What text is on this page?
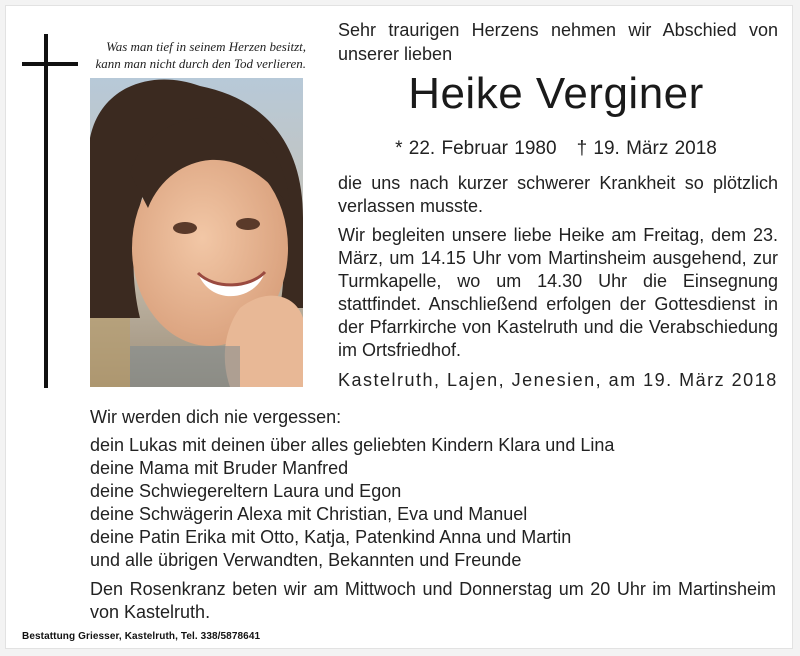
Was man tief in seinem Herzen besitzt,
kann man nicht durch den Tod verlieren.
Sehr traurigen Herzens nehmen wir Abschied von unserer lieben
Heike Verginer
* 22. Februar 1980 † 19. März 2018
die uns nach kurzer schwerer Krankheit so plötzlich verlassen musste.
Wir begleiten unsere liebe Heike am Freitag, dem 23. März, um 14.15 Uhr vom Martinsheim ausgehend, zur Turmkapelle, wo um 14.30 Uhr die Einsegnung stattfindet. Anschließend erfolgen der Gottesdienst in der Pfarrkirche von Kastelruth und die Verabschiedung im Ortsfriedhof.
Kastelruth, Lajen, Jenesien, am 19. März 2018
Wir werden dich nie vergessen:
dein Lukas mit deinen über alles geliebten Kindern Klara und Lina
deine Mama mit Bruder Manfred
deine Schwiegereltern Laura und Egon
deine Schwägerin Alexa mit Christian, Eva und Manuel
deine Patin Erika mit Otto, Katja, Patenkind Anna und Martin
und alle übrigen Verwandten, Bekannten und Freunde
Den Rosenkranz beten wir am Mittwoch und Donnerstag um 20 Uhr im Martinsheim von Kastelruth.
Bestattung Griesser, Kastelruth, Tel. 338/5878641
